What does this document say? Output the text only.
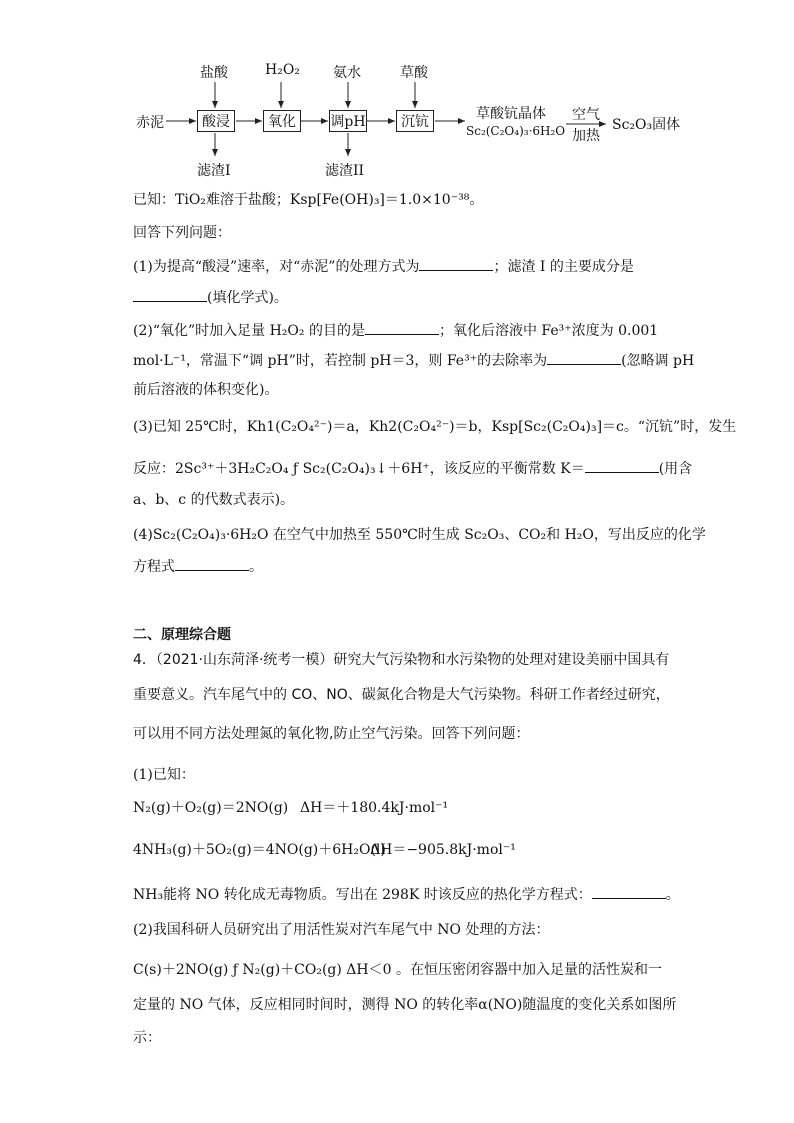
赤泥
盐酸	H₂O₂ 氨水	草酸
酸浸	氧化	调pH	沉钪
滤渣I	滤渣II
草酸钪晶体
Sc₂(C₂O₄)₃·6H₂O
空气
加热
Sc₂O₃固体
已知：TiO₂难溶于盐酸；Ksp[Fe(OH)₃]＝1.0×10⁻³⁸。
回答下列问题：
(1)为提高“酸浸”速率，对“赤泥”的处理方式为	；滤渣 I 的主要成分是
(填化学式)。
(2)“氧化”时加入足量 H₂O₂ 的目的是	；氧化后溶液中 Fe³⁺浓度为 0.001
mol·L⁻¹，常温下“调 pH”时，若控制 pH＝3，则 Fe³⁺的去除率为	(忽略调 pH
前后溶液的体积变化)。
(3)已知 25℃时，Kh1(C₂O₄²⁻)＝a，Kh2(C₂O₄²⁻)＝b，Ksp[Sc₂(C₂O₄)₃]＝c。“沉钪”时，发生
反应：2Sc³⁺＋3H₂C₂O₄ ƒ Sc₂(C₂O₄)₃↓＋6H⁺，该反应的平衡常数 K＝	(用含
a、b、c 的代数式表示)。
(4)Sc₂(C₂O₄)₃·6H₂O 在空气中加热至 550℃时生成 Sc₂O₃、CO₂和 H₂O，写出反应的化学
方程式	。
二、原理综合题
4．（2021·山东菏泽·统考一模）研究大气污染物和水污染物的处理对建设美丽中国具有
重要意义。汽车尾气中的 CO、NO、碳氮化合物是大气污染物。科研工作者经过研究，
可以用不同方法处理氮的氧化物,防止空气污染。回答下列问题：
(1)已知：
N₂(g)＋O₂(g)＝2NO(g) ΔH＝＋180.4kJ·mol⁻¹
4NH₃(g)＋5O₂(g)＝4NO(g)＋6H₂O(l)
ΔH＝−905.8kJ·mol⁻¹
NH₃能将 NO 转化成无毒物质。写出在 298K 时该反应的热化学方程式：	。
(2)我国科研人员研究出了用活性炭对汽车尾气中 NO 处理的方法：
C(s)＋2NO(g) ƒ N₂(g)＋CO₂(g) ΔH＜0 。在恒压密闭容器中加入足量的活性炭和一
定量的 NO 气体，反应相同时间时，测得 NO 的转化率α(NO)随温度的变化关系如图所
示：
